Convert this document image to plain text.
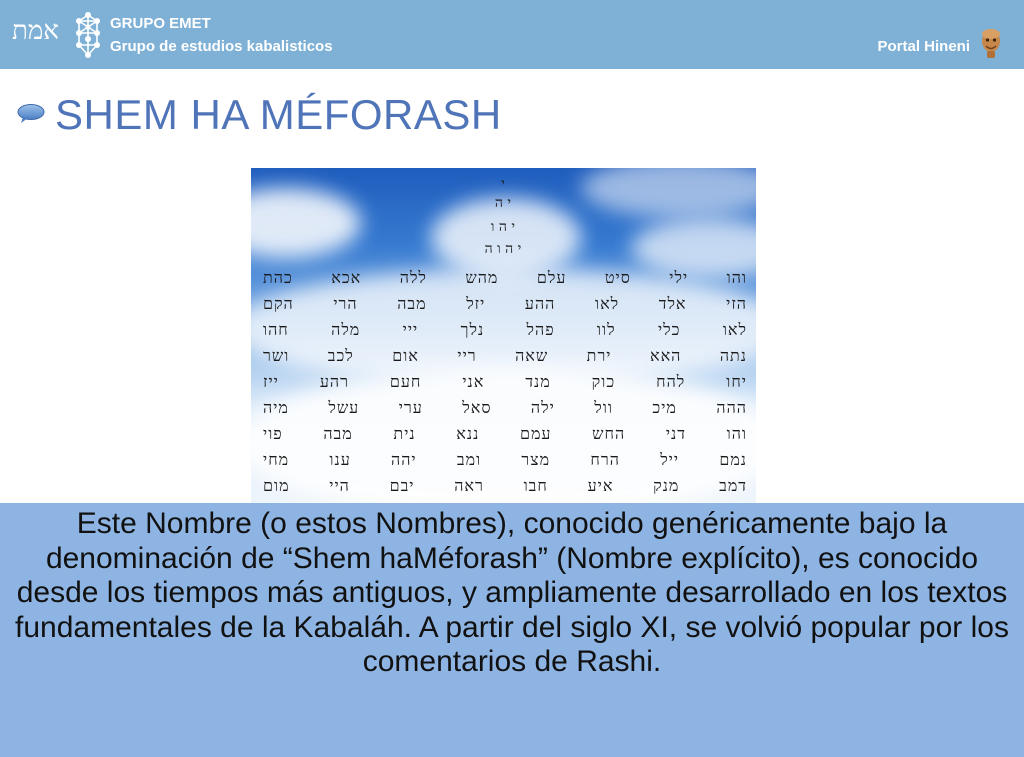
אמת	GRUPO EMET
Grupo de estudios kabalisticos	Portal Hineni
SHEM HA MÉFORASH
י
י ה
י ה ו
י ה ו ה
והו ילי סיט עלם מהש ללה אכא כהת
הזי אלד לאו ההע יזל מבה הרי הקם
לאו כלי לוו פהל נלך ייי מלה חהו
נתה האא ירת שאה ריי אום לכב ושר
יחו להח כוק מנד אני חעם רהע ייז
ההה מיכ וול ילה סאל ערי עשל מיה
והו דני החש עמם ננא נית מבה פוי
נמם ייל הרח מצר ומב יהה ענו מחי
דמב מנק איע חבו ראה יבם היי מום

Este Nombre (o estos Nombres), conocido genéricamente bajo la denominación de “Shem haMéforash” (Nombre explícito), es conocido desde los tiempos más antiguos, y ampliamente desarrollado en los textos fundamentales de la Kabaláh. A partir del siglo XI, se volvió popular por los comentarios de Rashi.
